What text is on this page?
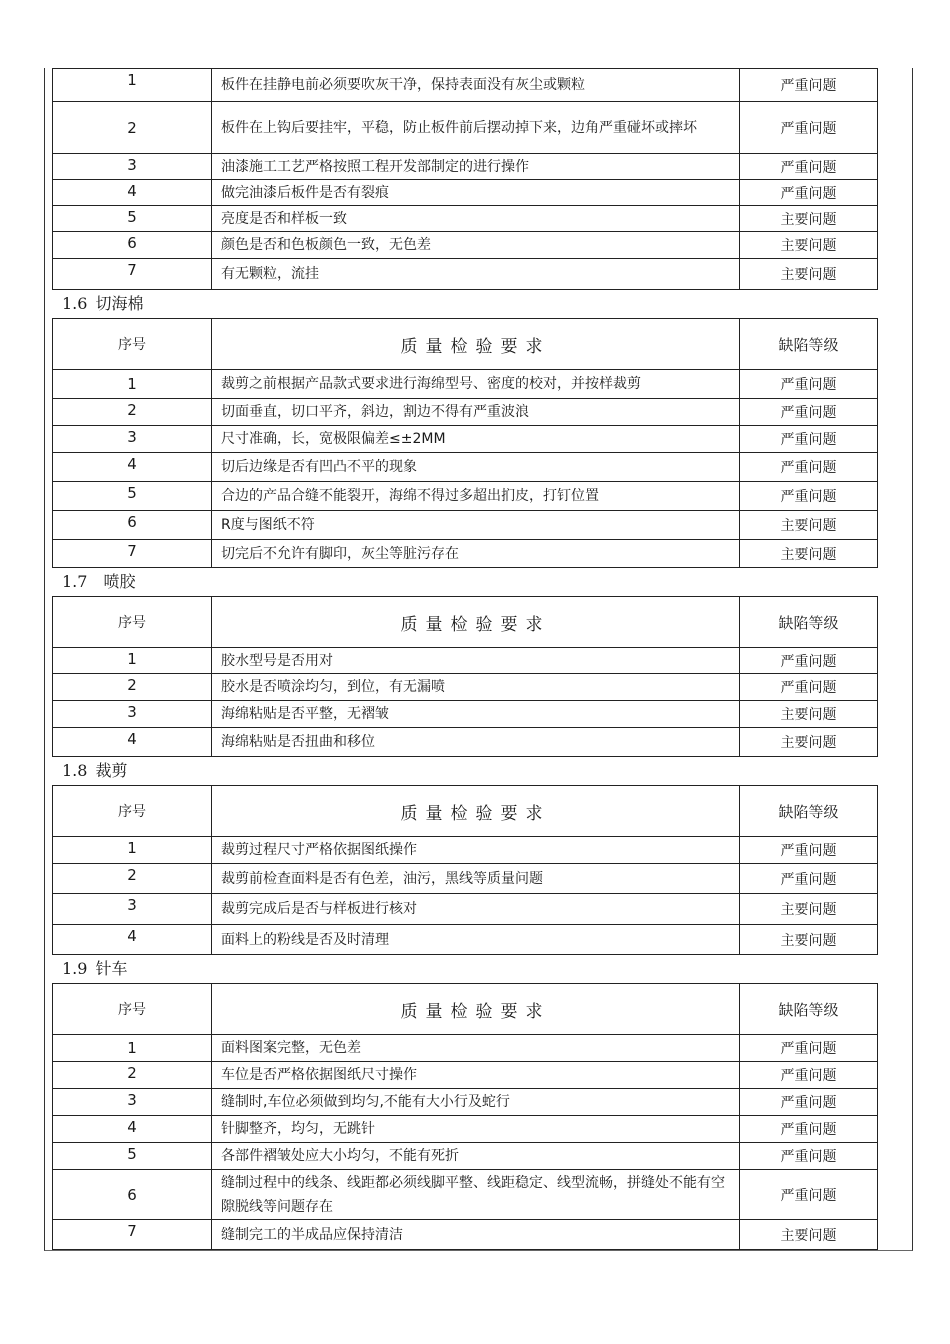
1	板件在挂静电前必须要吹灰干净，保持表面没有灰尘或颗粒	严重问题
2	板件在上钩后要挂牢，平稳，防止板件前后摆动掉下来，边角严重碰坏或摔坏	严重问题
3	油漆施工工艺严格按照工程开发部制定的进行操作	严重问题
4	做完油漆后板件是否有裂痕	严重问题
5	亮度是否和样板一致	主要问题
6	颜色是否和色板颜色一致，无色差	主要问题
7	有无颗粒，流挂	主要问题
1.6 切海棉
序号	质量检验要求	缺陷等级
1	裁剪之前根据产品款式要求进行海绵型号、密度的校对，并按样裁剪	严重问题
2	切面垂直，切口平齐，斜边，割边不得有严重波浪	严重问题
3	尺寸准确，长，宽极限偏差≤±2MM	严重问题
4	切后边缘是否有凹凸不平的现象	严重问题
5	合边的产品合缝不能裂开，海绵不得过多超出扪皮，打钉位置	严重问题
6	R度与图纸不符	主要问题
7	切完后不允许有脚印，灰尘等脏污存在	主要问题
1.7 喷胶
序号	质量检验要求	缺陷等级
1	胶水型号是否用对	严重问题
2	胶水是否喷涂均匀，到位，有无漏喷	严重问题
3	海绵粘贴是否平整，无褶皱	主要问题
4	海绵粘贴是否扭曲和移位	主要问题
1.8 裁剪
序号	质量检验要求	缺陷等级
1	裁剪过程尺寸严格依据图纸操作	严重问题
2	裁剪前检查面料是否有色差，油污，黑线等质量问题	严重问题
3	裁剪完成后是否与样板进行核对	主要问题
4	面料上的粉线是否及时清理	主要问题
1.9 针车
序号	质量检验要求	缺陷等级
1	面料图案完整，无色差	严重问题
2	车位是否严格依据图纸尺寸操作	严重问题
3	缝制时,车位必须做到均匀,不能有大小行及蛇行	严重问题
4	针脚整齐，均匀，无跳针	严重问题
5	各部件褶皱处应大小均匀，不能有死折	严重问题
6	缝制过程中的线条、线距都必须线脚平整、线距稳定、线型流畅，拼缝处不能有空隙脱线等问题存在	严重问题
7	缝制完工的半成品应保持清洁	主要问题
